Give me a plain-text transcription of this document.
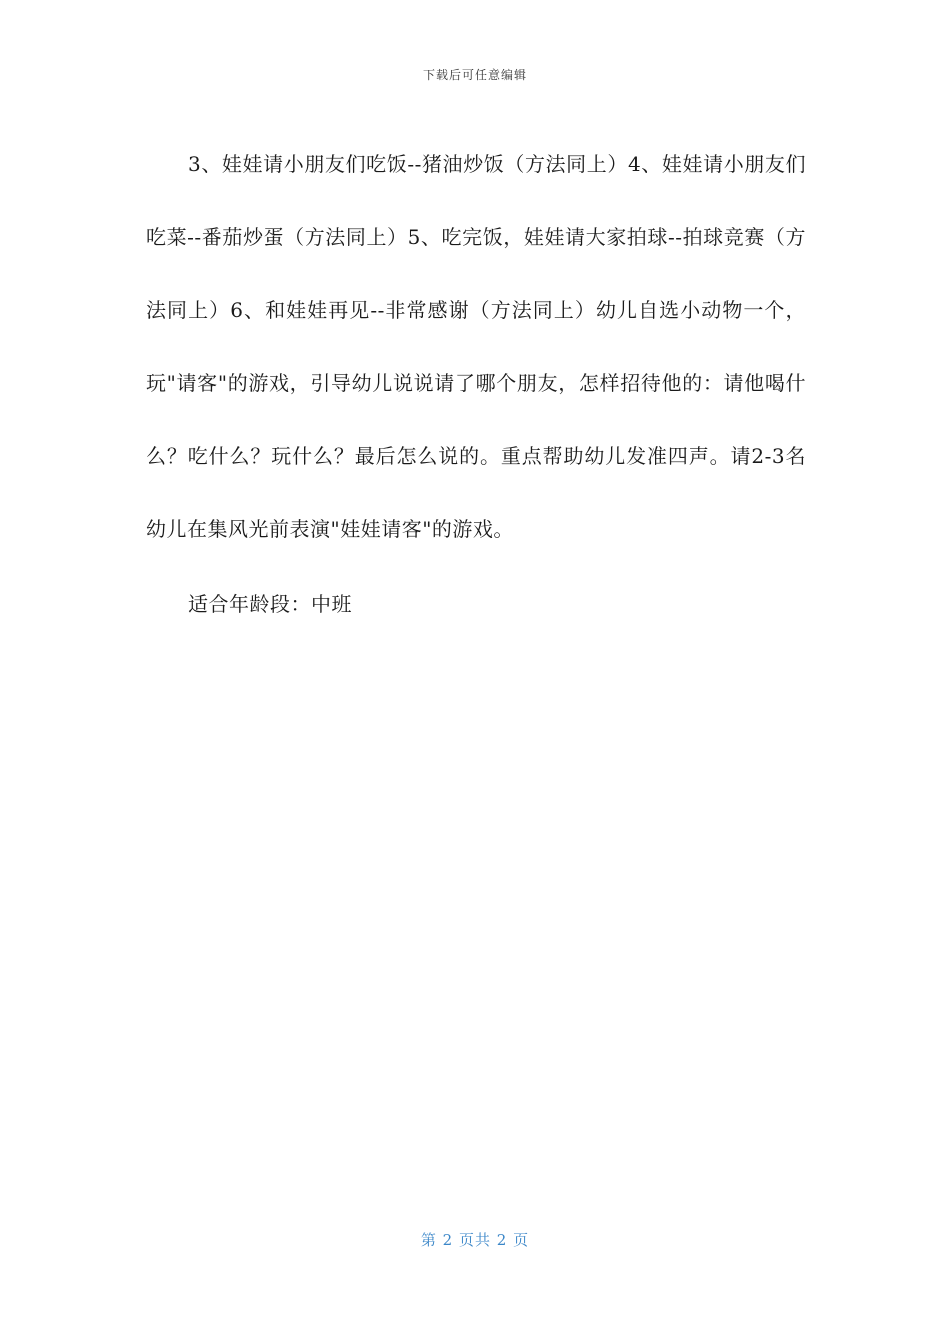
下载后可任意编辑

3、娃娃请小朋友们吃饭--猪油炒饭（方法同上）4、娃娃请小朋友们吃菜--番茄炒蛋（方法同上）5、吃完饭，娃娃请大家拍球--拍球竞赛（方法同上）6、和娃娃再见--非常感谢（方法同上）幼儿自选小动物一个，玩"请客"的游戏，引导幼儿说说请了哪个朋友，怎样招待他的：请他喝什么？吃什么？玩什么？最后怎么说的。重点帮助幼儿发准四声。请2-3名幼儿在集风光前表演"娃娃请客"的游戏。

适合年龄段：中班

第 2 页共 2 页
